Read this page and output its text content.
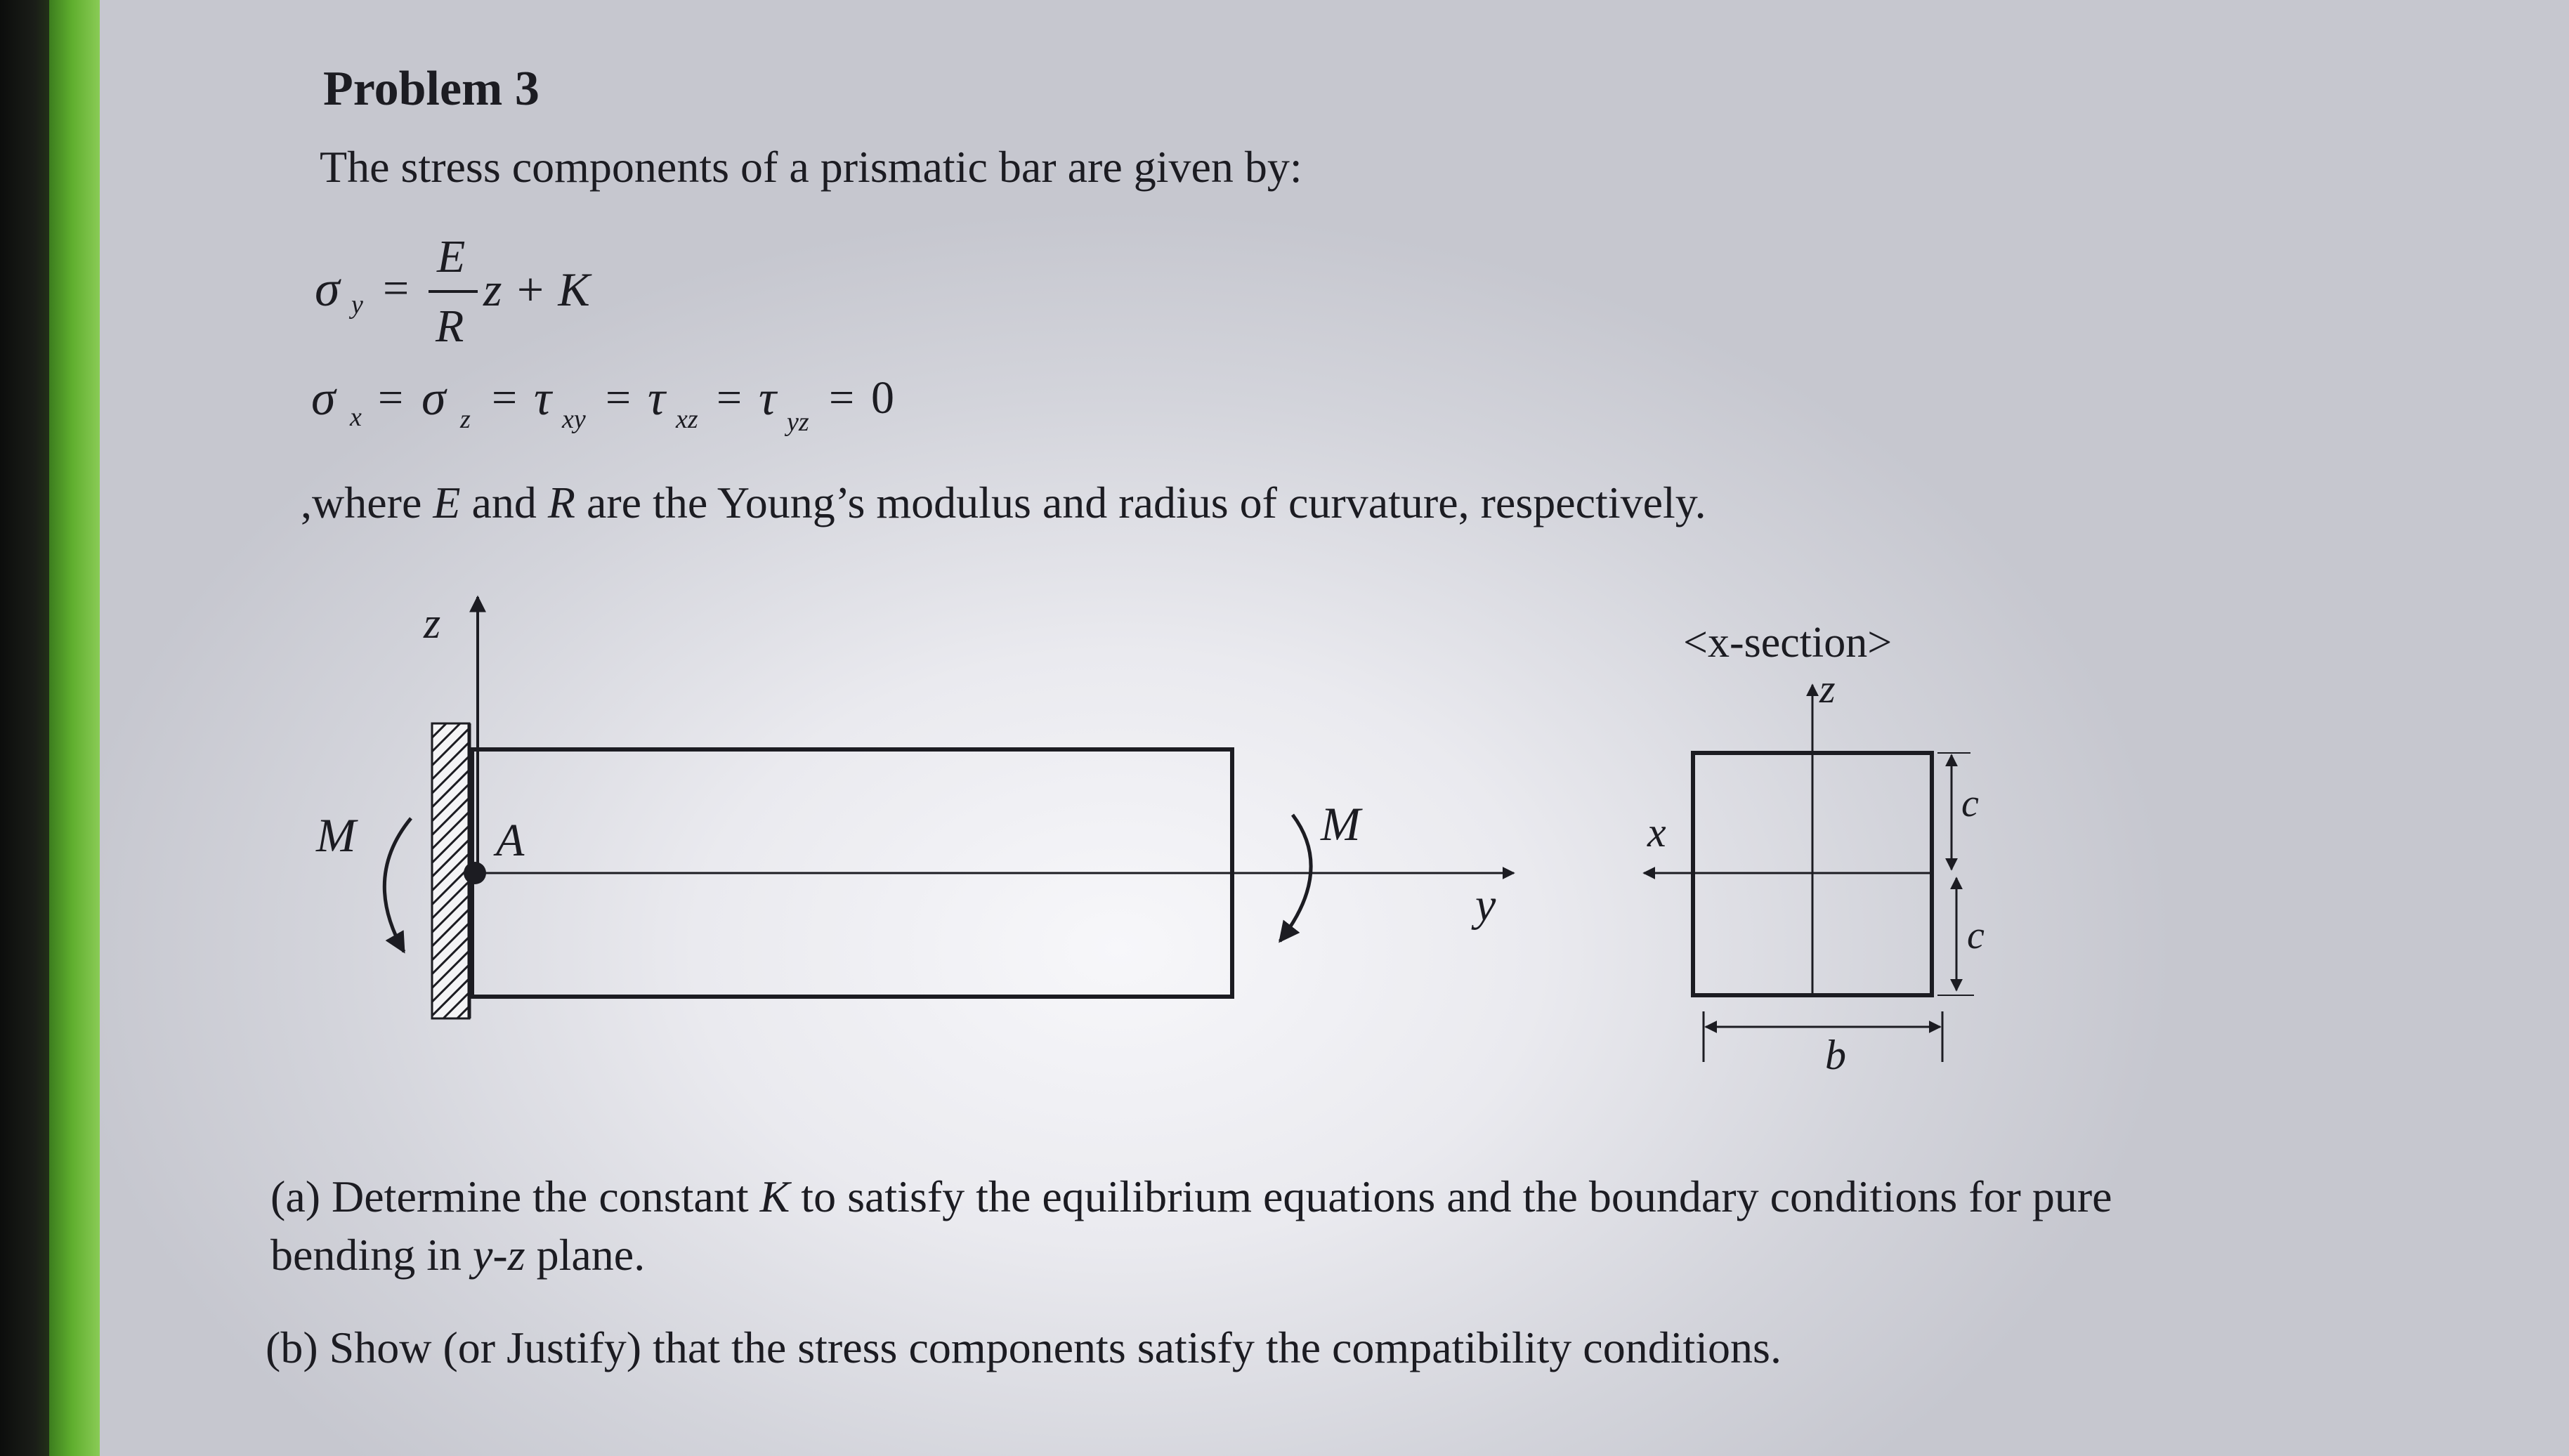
Problem 3
The stress components of a prismatic bar are given by:
σ y =
E
R
z + K
σ x = σ z = τ xy = τ xz = τ yz = 0
,where E and R are the Young’s modulus and radius of curvature, respectively.
z
y
A
M	M
<x-section>
z
x
c
c
b
(a) Determine the constant K to satisfy the equilibrium equations and the boundary conditions for pure
bending in y-z plane.
(b) Show (or Justify) that the stress components satisfy the compatibility conditions.
